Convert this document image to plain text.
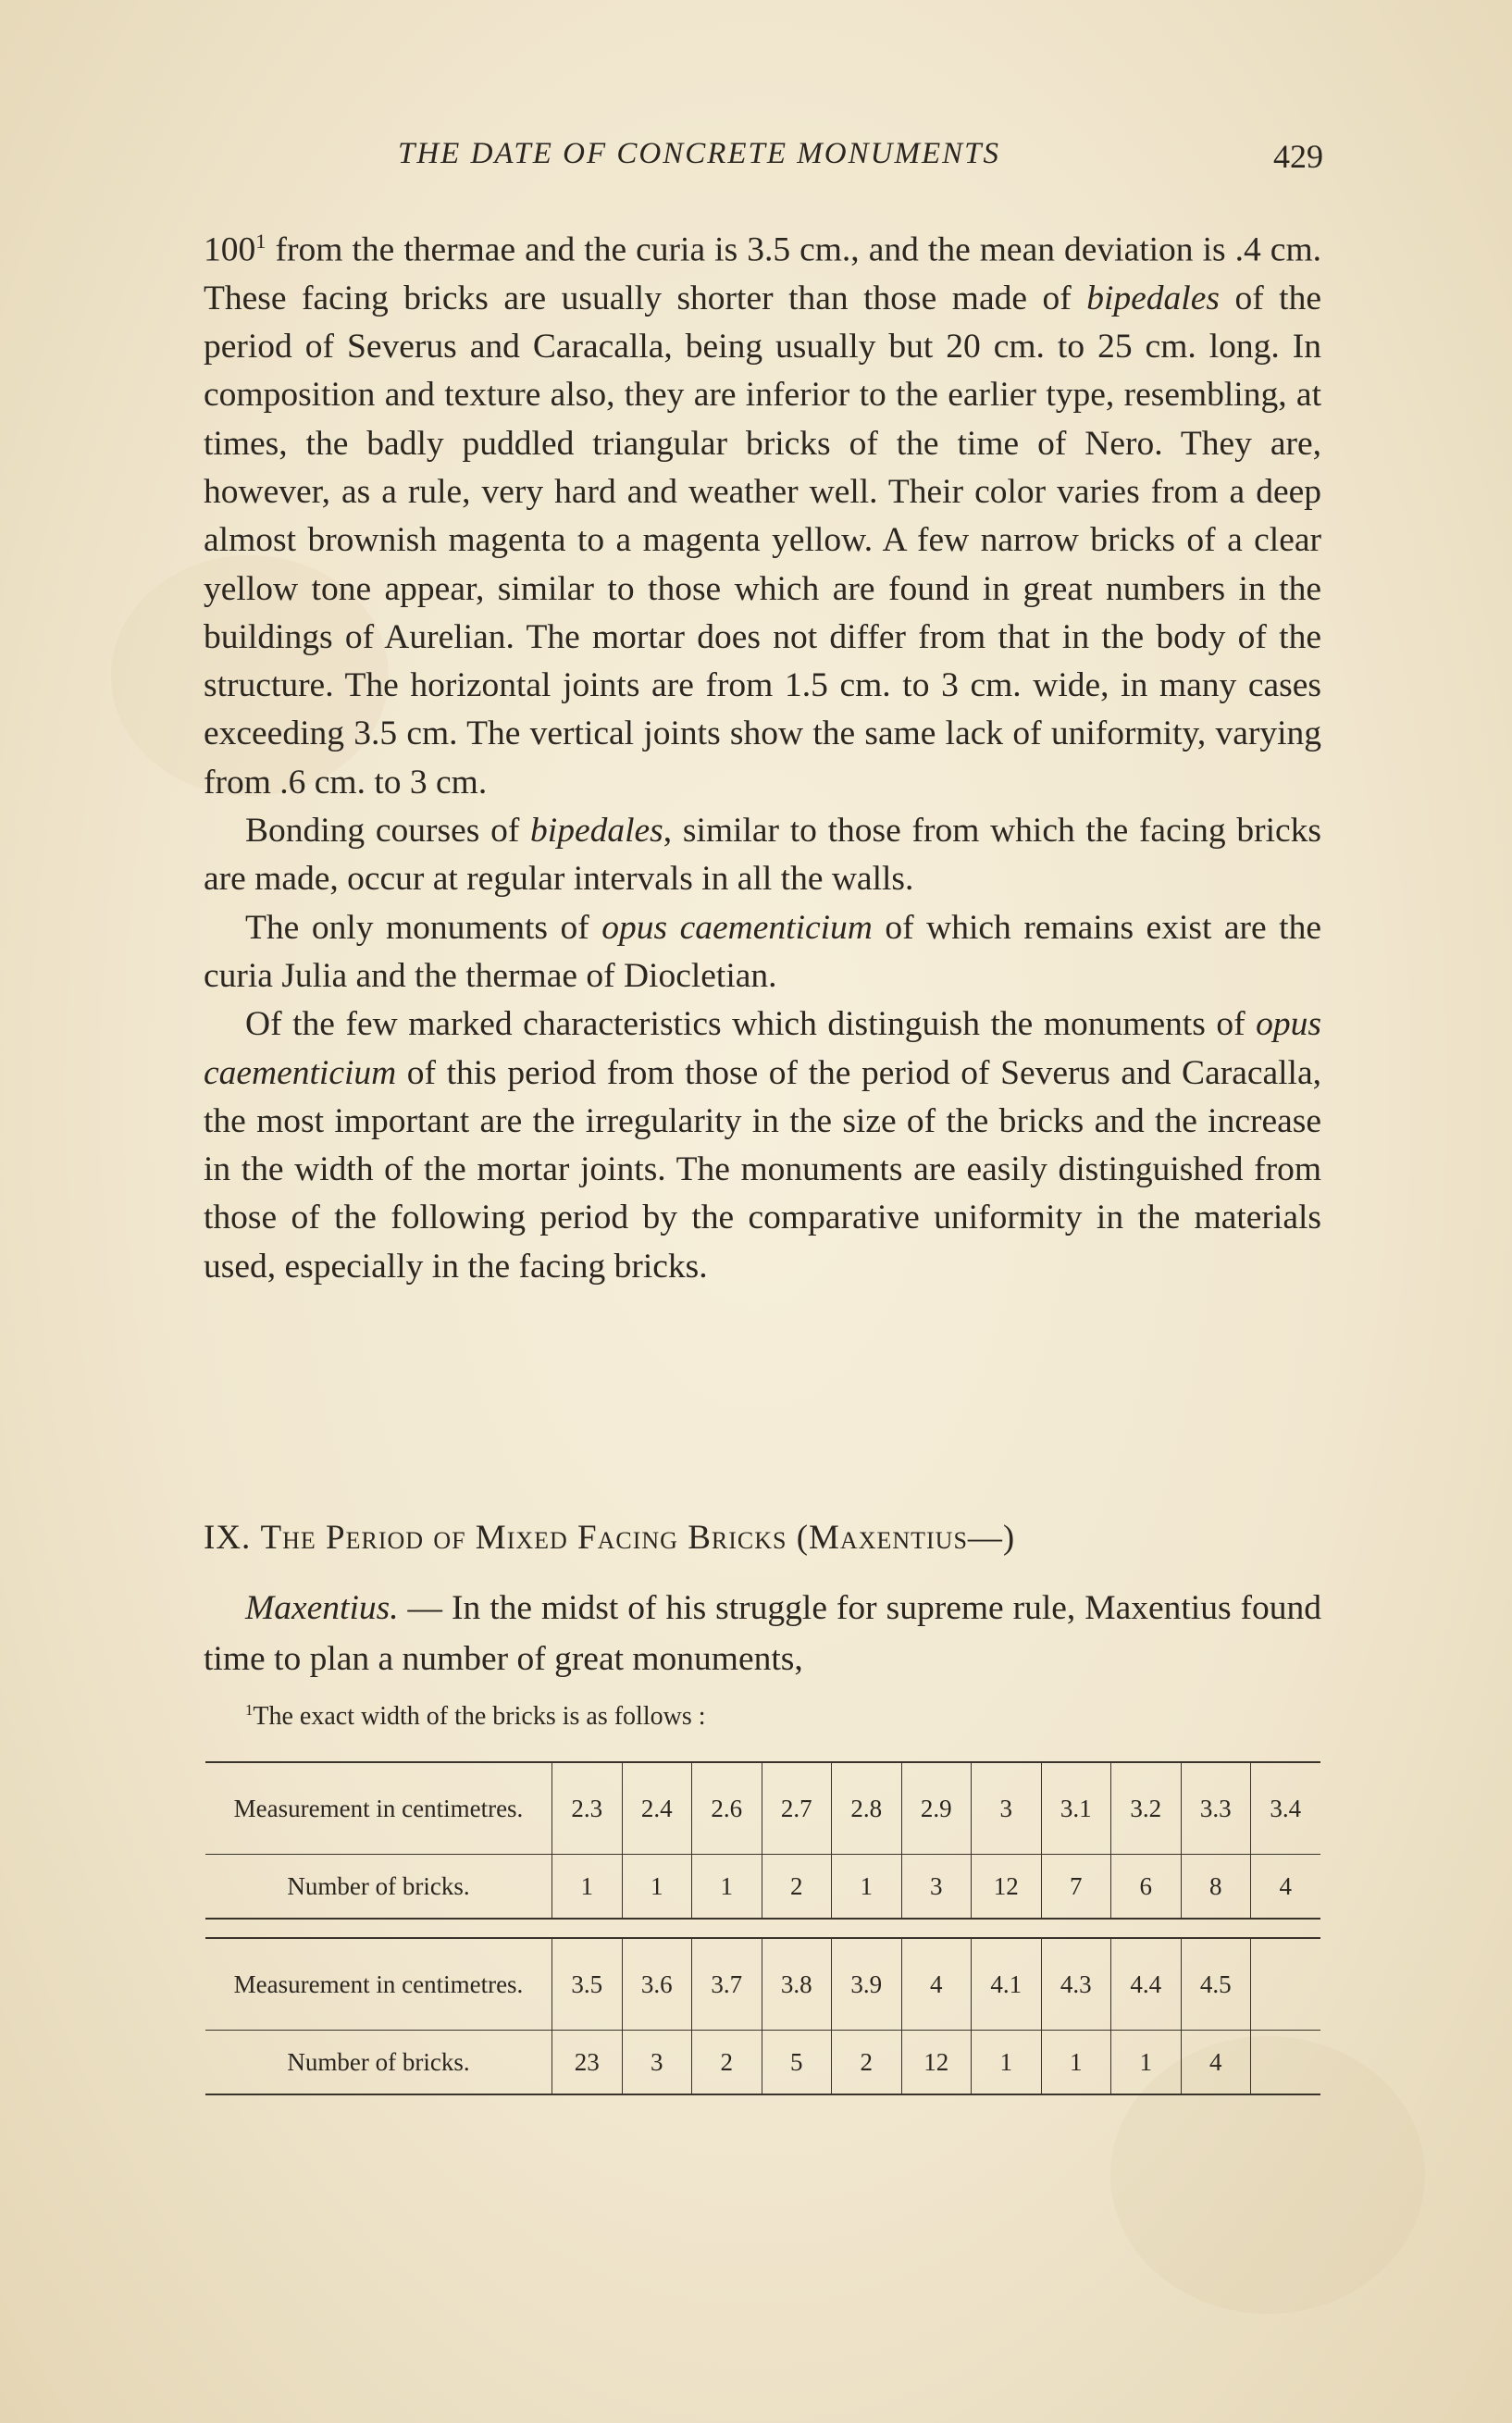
THE DATE OF CONCRETE MONUMENTS	429

$100^1$ from the thermae and the curia is 3.5 cm., and the mean deviation is .4 cm. These facing bricks are usually shorter than those made of bipedales of the period of Severus and Caracalla, being usually but 20 cm. to 25 cm. long. In composition and texture also, they are inferior to the earlier type, resembling, at times, the badly puddled triangular bricks of the time of Nero. They are, however, as a rule, very hard and weather well. Their color varies from a deep almost brownish magenta to a magenta yellow. A few narrow bricks of a clear yellow tone appear, similar to those which are found in great numbers in the buildings of Aurelian. The mortar does not differ from that in the body of the structure. The horizontal joints are from 1.5 cm. to 3 cm. wide, in many cases exceeding 3.5 cm. The vertical joints show the same lack of uniformity, varying from .6 cm. to 3 cm.

Bonding courses of bipedales, similar to those from which the facing bricks are made, occur at regular intervals in all the walls.

The only monuments of opus caementicium of which remains exist are the curia Julia and the thermae of Diocletian.

Of the few marked characteristics which distinguish the monuments of opus caementicium of this period from those of the period of Severus and Caracalla, the most important are the irregularity in the size of the bricks and the increase in the width of the mortar joints. The monuments are easily distinguished from those of the following period by the comparative uniformity in the materials used, especially in the facing bricks.

IX. The Period of Mixed Facing Bricks (Maxentius—)

Maxentius. — In the midst of his struggle for supreme rule, Maxentius found time to plan a number of great monuments,

$^1$The exact width of the bricks is as follows :
Measurement in centimetres.	2.3	2.4	2.6	2.7	2.8	2.9	3	3.1	3.2	3.3	3.4
Number of bricks.	1	1	1	2	1	3	12	7	6	8	4
Measurement in centimetres.	3.5	3.6	3.7	3.8	3.9	4	4.1	4.3	4.4	4.5	
Number of bricks.	23	3	2	5	2	12	1	1	1	4	
